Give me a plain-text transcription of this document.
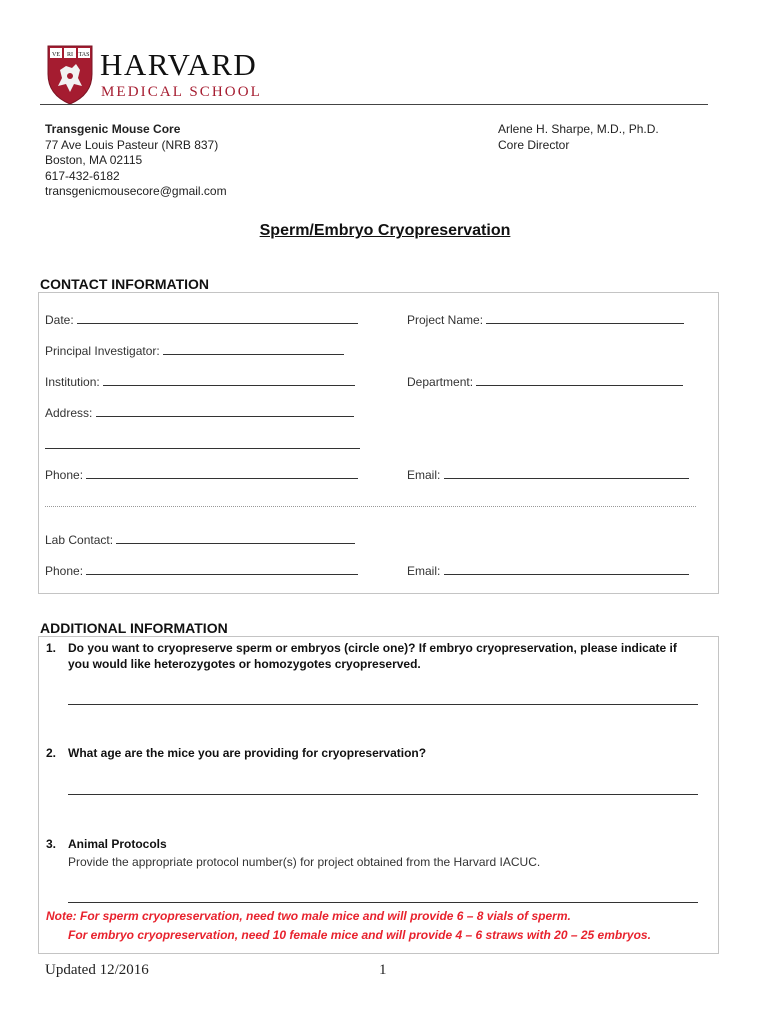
VE RI TAS HARVARD
MEDICAL SCHOOL
Transgenic Mouse Core
77 Ave Louis Pasteur (NRB 837)
Boston, MA 02115
617-432-6182
transgenicmousecore@gmail.com
Arlene H. Sharpe, M.D., Ph.D.
Core Director
Sperm/Embryo Cryopreservation
CONTACT INFORMATION
Date:	Project Name:
Principal Investigator:
Institution:	Department:
Address:
Phone:	Email:
Lab Contact:
Phone:	Email:
ADDITIONAL INFORMATION
1. Do you want to cryopreserve sperm or embryos (circle one)? If embryo cryopreservation, please indicate if
you would like heterozygotes or homozygotes cryopreserved.
2. What age are the mice you are providing for cryopreservation?
3. Animal Protocols
Provide the appropriate protocol number(s) for project obtained from the Harvard IACUC.
Note: For sperm cryopreservation, need two male mice and will provide 6 – 8 vials of sperm.
For embryo cryopreservation, need 10 female mice and will provide 4 – 6 straws with 20 – 25 embryos.
Updated 12/2016	1
